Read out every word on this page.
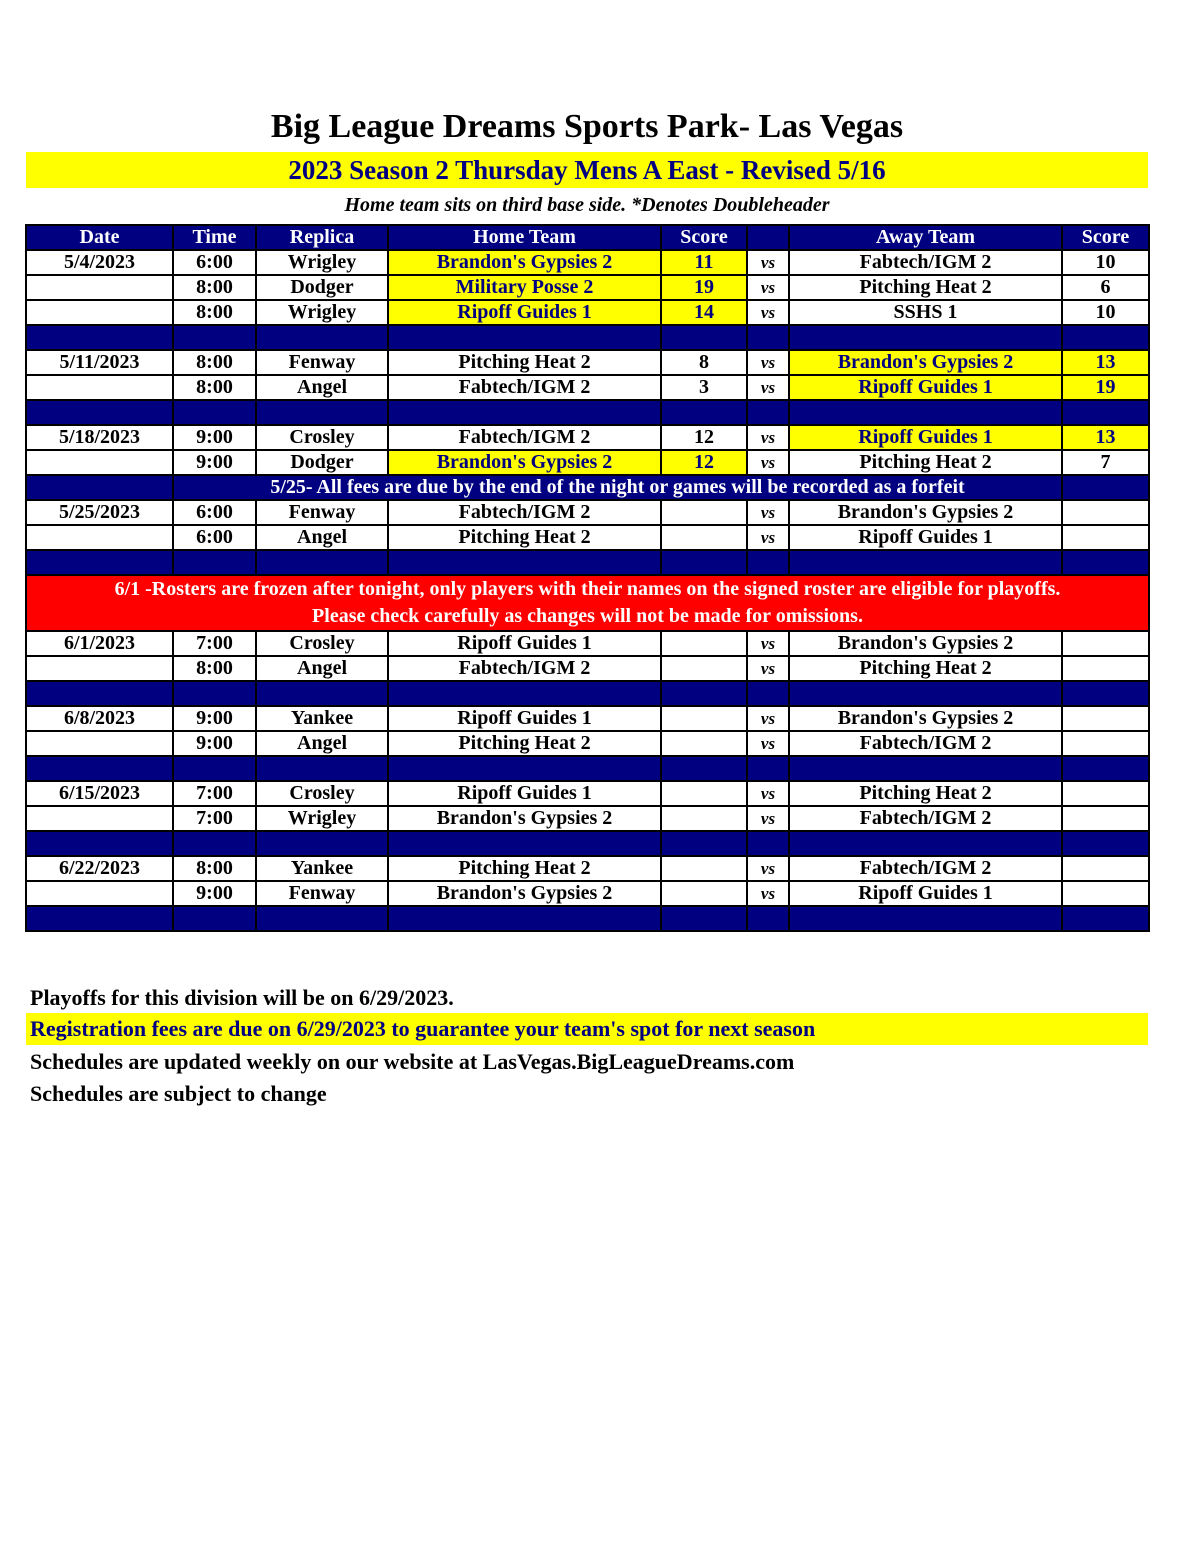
Big League Dreams Sports Park- Las Vegas
2023 Season 2 Thursday Mens A East - Revised 5/16
Home team sits on third base side. *Denotes Doubleheader
Date	Time	Replica	Home Team	Score		Away Team	Score
5/4/2023	6:00	Wrigley	Brandon's Gypsies 2	11	vs	Fabtech/IGM 2	10
	8:00	Dodger	Military Posse 2	19	vs	Pitching Heat 2	6
	8:00	Wrigley	Ripoff Guides 1	14	vs	SSHS 1	10

5/11/2023	8:00	Fenway	Pitching Heat 2	8	vs	Brandon's Gypsies 2	13
	8:00	Angel	Fabtech/IGM 2	3	vs	Ripoff Guides 1	19

5/18/2023	9:00	Crosley	Fabtech/IGM 2	12	vs	Ripoff Guides 1	13
	9:00	Dodger	Brandon's Gypsies 2	12	vs	Pitching Heat 2	7
	5/25- All fees are due by the end of the night or games will be recorded as a forfeit						
5/25/2023	6:00	Fenway	Fabtech/IGM 2		vs	Brandon's Gypsies 2	
	6:00	Angel	Pitching Heat 2		vs	Ripoff Guides 1	

6/1 -Rosters are frozen after tonight, only players with their names on the signed roster are eligible for playoffs.
Please check carefully as changes will not be made for omissions.							

6/1/2023	7:00	Crosley	Ripoff Guides 1		vs	Brandon's Gypsies 2	
	8:00	Angel	Fabtech/IGM 2		vs	Pitching Heat 2	

6/8/2023	9:00	Yankee	Ripoff Guides 1		vs	Brandon's Gypsies 2	
	9:00	Angel	Pitching Heat 2		vs	Fabtech/IGM 2	

6/15/2023	7:00	Crosley	Ripoff Guides 1		vs	Pitching Heat 2	
	7:00	Wrigley	Brandon's Gypsies 2		vs	Fabtech/IGM 2	

6/22/2023	8:00	Yankee	Pitching Heat 2		vs	Fabtech/IGM 2	
	9:00	Fenway	Brandon's Gypsies 2		vs	Ripoff Guides 1	

Playoffs for this division will be on 6/29/2023.
Registration fees are due on 6/29/2023 to guarantee your team's spot for next season
Schedules are updated weekly on our website at LasVegas.BigLeagueDreams.com
Schedules are subject to change
